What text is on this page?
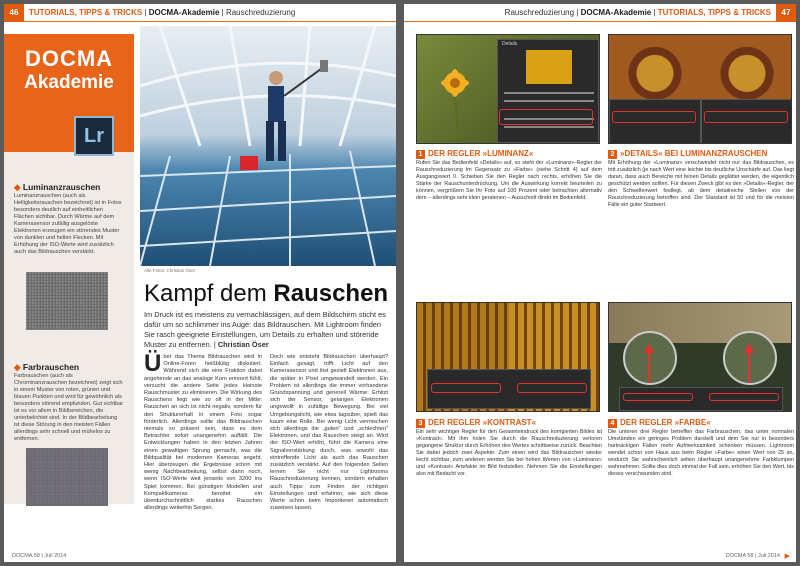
46 TUTORIALS, TIPPS & TRICKS | DOCMA-Akademie | Rauschreduzierung
DOCMA
Akademie
Lr
◆ Luminanzrauschen
Luminanzrauschen (auch als Helligkeitsrauschen bezeichnet) ist in Fotos besonders deutlich auf einheitlichen Flächen sichtbar. Durch Wärme auf dem Kamerasensor zufällig ausgelöste Elektronen erzeugen ein störendes Muster von dunklen und hellen Flecken. Mit Erhöhung der ISO-Werte wird zusätzlich auch das Bildrauschen verstärkt.
◆ Farbrauschen
Farbrauschen (auch als Chrominanzrauschen bezeichnet) zeigt sich in einem Muster von roten, grünen und blauen Punkten und wird für gewöhnlich als besonders störend empfunden. Gut sichtbar ist es vor allem in Bildbereichen, die unterbelichtet sind. In der Bildbearbeitung ist diese Störung in den meisten Fällen allerdings sehr schnell und mühelos zu entfernen.
Alle Fotos: Christian Öser
Kampf dem Rauschen
Im Druck ist es meistens zu vernachlässigen, auf dem Bildschirm sticht es dafür um so schlimmer ins Auge: das Bildrauschen. Mit Lightroom finden Sie rasch geeignete Einstellungen, um Details zu erhalten und störende Muster zu entfernen. | Christian Öser
Über das Thema Bildrauschen wird in Online-Foren heißblütig diskutiert. Während sich die eine Fraktion dabei angehende an das analoge Korn erinnert fühlt, versucht die andere Seite jedes kleinste Rauschmuster zu eliminieren. Die Wirkung des Rauschens liegt wie so oft in der Mitte: Rauschen an sich ist nicht negativ, sondern für den Strukturerhalt in einem Foto sogar förderlich. Allerdings sollte das Bildrauschen niemals so präsent sein, dass es dem Betrachter sofort unangenehm auffällt. Die Entwicklungen haben in den letzten Jahren einen gewaltigen Sprung gemacht, was die Bildqualität bei modernen Kameras angeht. Hier überzeugen die Ergebnisse schon mit wenig Nachbearbeitung, selbst dann noch, wenn ISO-Werte weit jenseits von 3200 ins Spiel kommen. Bei günstigen Modellen und Kompaktkameras bereitet ein überdurchschnittlich starkes Rauschen allerdings weiterhin Sorgen.
Doch wie entsteht Bildrauschen überhaupt? Einfach gesagt, trifft Licht auf den Kamerasensor und löst gezielt Elektronen aus, die später in Pixel umgewandelt werden. Ein Problem ist allerdings die immer vorhandene Grundspannung und generell Wärme: Erhitzt sich der Sensor, gelangen Elektronen ungewollt in zufällige Bewegung. Bei viel Umgebungslicht, wie etwa tagsüber, spielt das kaum eine Rolle. Bei wenig Licht vermischen sich allerdings die „guten" und „schlechten" Elektronen, und das Rauschen steigt an. Wird der ISO-Wert erhöht, führt die Kamera eine Signalverstärkung durch, was sowohl das eintreffende Licht als auch das Rauschen zusätzlich verstärkt. Auf den folgenden Seiten lernen Sie nicht nur Lightrooms Rauschreduzierung kennen, sondern erhalten auch Tipps zum Finden der richtigen Einstellungen und erfahren, wie sich diese Werte schon beim Importieren automatisch zuweisen lassen.
DOCMA 58 | Juli 2014
Rauschreduzierung | DOCMA-Akademie | TUTORIALS, TIPPS & TRICKS 47
Details
1 DER REGLER »LUMINANZ«
Rufen Sie das Bedienfeld »Details« auf, so steht der »Luminanz«-Regler der Rauschreduzierung im Gegensatz zu »Farbe« (siehe Schritt 4) auf dem Ausgangswert 0. Schieben Sie den Regler nach rechts, erhöhen Sie die Stärke der Rauschunterdrückung. Um die Auswirkung korrekt beurteilen zu können, vergrößern Sie Ihr Foto auf 100 Prozent oder betrachten alternativ dem – allerdings sehr klein geratenen – Ausschnitt direkt im Bedienfeld.
2 »DETAILS« BEI LUMINANZRAUSCHEN
Mit Erhöhung der »Luminanz« verschwindet nicht nur das Bildrauschen, es tritt zusätzlich (je nach Wert eine leichte bis deutliche Unschärfe auf. Das liegt daran, dass auch Bereiche mit feinen Details geglättet werden, die eigentlich geschützt werden sollten. Für diesen Zweck gibt es den »Details«-Regler, der den Schwellenwert festlegt, ab dem detailreiche Stellen von der Rauschreduzierung betroffen sind. Der Standard ist 50 und für die meisten Fälle ein guter Startwert.
3 DER REGLER »KONTRAST«
Ein sehr wichtiger Regler für den Gesamteindruck des korrigierten Bildes ist »Kontrast«. Mit ihm holen Sie durch die Rauschreduzierung verloren gegangene Struktur durch Erhöhen des Wertes schrittweise zurück. Beachten Sie dabei jedoch zwei Aspekte: Zum einen wird das Bildrauschen wieder leicht sichtbar, zum anderen werden Sie bei hohen Werten von »Luminanz« und »Kontrast« Artefakte im Bild feststellen. Nehmen Sie die Einstellungen also mit Bedacht vor.
4 DER REGLER »FARBE«
Die unteren drei Regler betreffen das Farbrauschen, das unter normalen Umständen ein geringes Problem darstellt und dem Sie nur in besonders hartnäckigen Fällen mehr Aufmerksamkeit schenken müssen. Lightroom wendet schon von Haus aus beim Regler »Farbe« einen Wert von 25 an, wodurch Sie wahrscheinlich selten überhaupt unangenehme Farbklumpen wahrnehmen. Sollte dies doch einmal der Fall sein, erhöhen Sie den Wert, bis dieses verschwunden sind.
DOCMA 58 | Juli 2014 ▶
